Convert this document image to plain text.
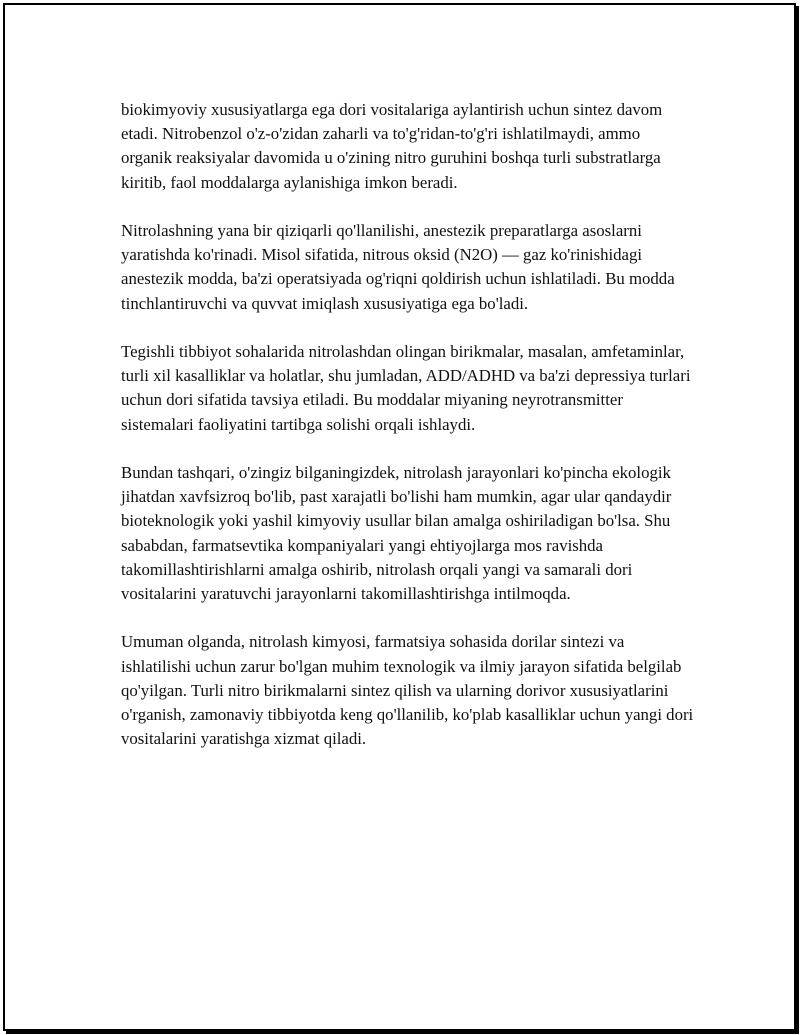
biokimyoviy xususiyatlarga ega dori vositalariga aylantirish uchun sintez davom etadi. Nitrobenzol o'z-o'zidan zaharli va to'g'ridan-to'g'ri ishlatilmaydi, ammo organik reaksiyalar davomida u o'zining nitro guruhini boshqa turli substratlarga kiritib, faol moddalarga aylanishiga imkon beradi.

Nitrolashning yana bir qiziqarli qo'llanilishi, anestezik preparatlarga asoslarni yaratishda ko'rinadi. Misol sifatida, nitrous oksid (N2O) — gaz ko'rinishidagi anestezik modda, ba'zi operatsiyada og'riqni qoldirish uchun ishlatiladi. Bu modda tinchlantiruvchi va quvvat imiqlash xususiyatiga ega bo'ladi.

Tegishli tibbiyot sohalarida nitrolashdan olingan birikmalar, masalan, amfetaminlar, turli xil kasalliklar va holatlar, shu jumladan, ADD/ADHD va ba'zi depressiya turlari uchun dori sifatida tavsiya etiladi. Bu moddalar miyaning neyrotransmitter sistemalari faoliyatini tartibga solishi orqali ishlaydi.

Bundan tashqari, o'zingiz bilganingizdek, nitrolash jarayonlari ko'pincha ekologik jihatdan xavfsizroq bo'lib, past xarajatli bo'lishi ham mumkin, agar ular qandaydir bioteknologik yoki yashil kimyoviy usullar bilan amalga oshiriladigan bo'lsa. Shu sababdan, farmatsevtika kompaniyalari yangi ehtiyojlarga mos ravishda takomillashtirishlarni amalga oshirib, nitrolash orqali yangi va samarali dori vositalarini yaratuvchi jarayonlarni takomillashtirishga intilmoqda.

Umuman olganda, nitrolash kimyosi, farmatsiya sohasida dorilar sintezi va ishlatilishi uchun zarur bo'lgan muhim texnologik va ilmiy jarayon sifatida belgilab qo'yilgan. Turli nitro birikmalarni sintez qilish va ularning dorivor xususiyatlarini o'rganish, zamonaviy tibbiyotda keng qo'llanilib, ko'plab kasalliklar uchun yangi dori vositalarini yaratishga xizmat qiladi.
